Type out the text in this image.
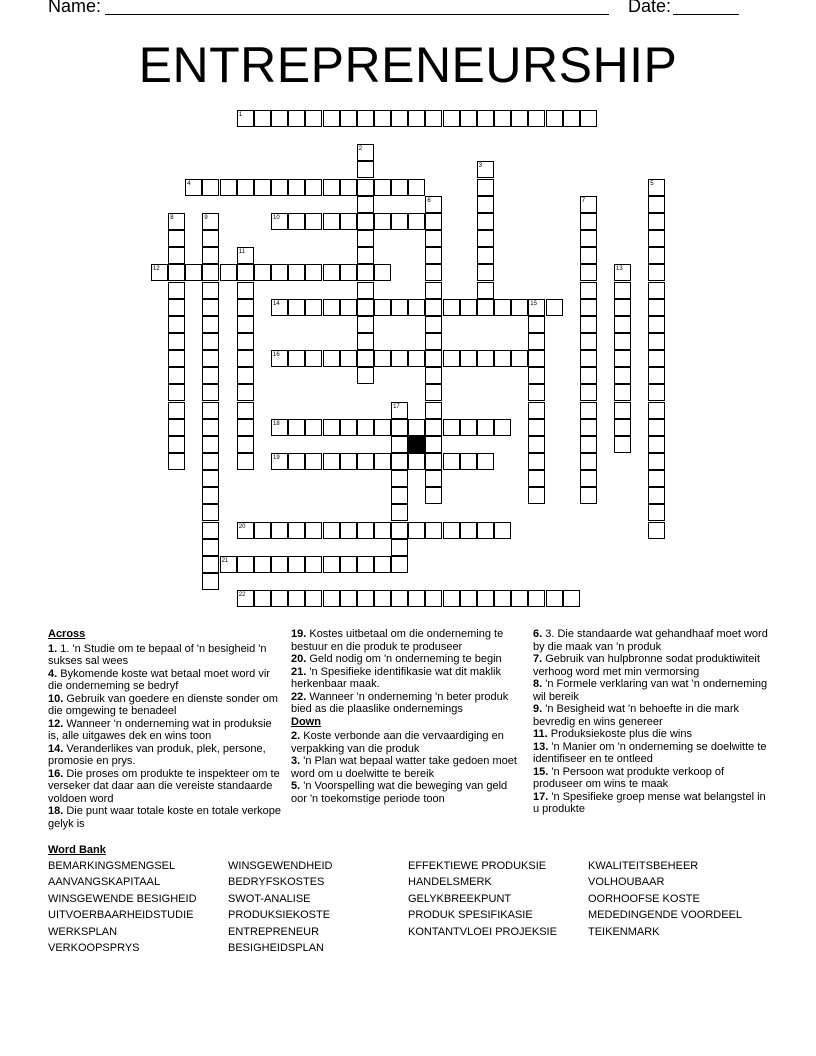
Name:	Date:
ENTREPRENEURSHIP
1
2
3
4	5
6	7
8	9	10
11
12	13
14	15
16
17
18
19
20
21
22
Across
1. 1. 'n Studie om te bepaal of 'n besigheid 'n sukses sal wees
4. Bykomende koste wat betaal moet word vir die onderneming se bedryf
10. Gebruik van goedere en dienste sonder om die omgewing te benadeel
12. Wanneer 'n onderneming wat in produksie is, alle uitgawes dek en wins toon
14. Veranderlikes van produk, plek, persone, promosie en prys.
16. Die proses om produkte te inspekteer om te verseker dat daar aan die vereiste standaarde voldoen word
18. Die punt waar totale koste en totale verkope gelyk is
19. Kostes uitbetaal om die onderneming te bestuur en die produk te produseer
20. Geld nodig om 'n onderneming te begin
21. 'n Spesifieke identifikasie wat dit maklik herkenbaar maak.
22. Wanneer 'n onderneming 'n beter produk bied as die plaaslike ondernemings
Down
2. Koste verbonde aan die vervaardiging en verpakking van die produk
3. 'n Plan wat bepaal watter take gedoen moet word om u doelwitte te bereik
5. 'n Voorspelling wat die beweging van geld oor 'n toekomstige periode toon
6. 3. Die standaarde wat gehandhaaf moet word by die maak van 'n produk
7. Gebruik van hulpbronne sodat produktiwiteit verhoog word met min vermorsing
8. 'n Formele verklaring van wat 'n onderneming wil bereik
9. 'n Besigheid wat 'n behoefte in die mark bevredig en wins genereer
11. Produksiekoste plus die wins
13. 'n Manier om 'n onderneming se doelwitte te identifiseer en te ontleed
15. 'n Persoon wat produkte verkoop of produseer om wins te maak
17. 'n Spesifieke groep mense wat belangstel in u produkte
Word Bank
BEMARKINGSMENGSEL
AANVANGSKAPITAAL
WINSGEWENDE BESIGHEID
UITVOERBAARHEIDSTUDIE
WERKSPLAN
VERKOOPSPRYS
WINSGEWENDHEID
BEDRYFSKOSTES
SWOT-ANALISE
PRODUKSIEKOSTE
ENTREPRENEUR
BESIGHEIDSPLAN
EFFEKTIEWE PRODUKSIE
HANDELSMERK
GELYKBREEKPUNT
PRODUK SPESIFIKASIE
KONTANTVLOEI PROJEKSIE
KWALITEITSBEHEER
VOLHOUBAAR
OORHOOFSE KOSTE
MEDEDINGENDE VOORDEEL
TEIKENMARK
